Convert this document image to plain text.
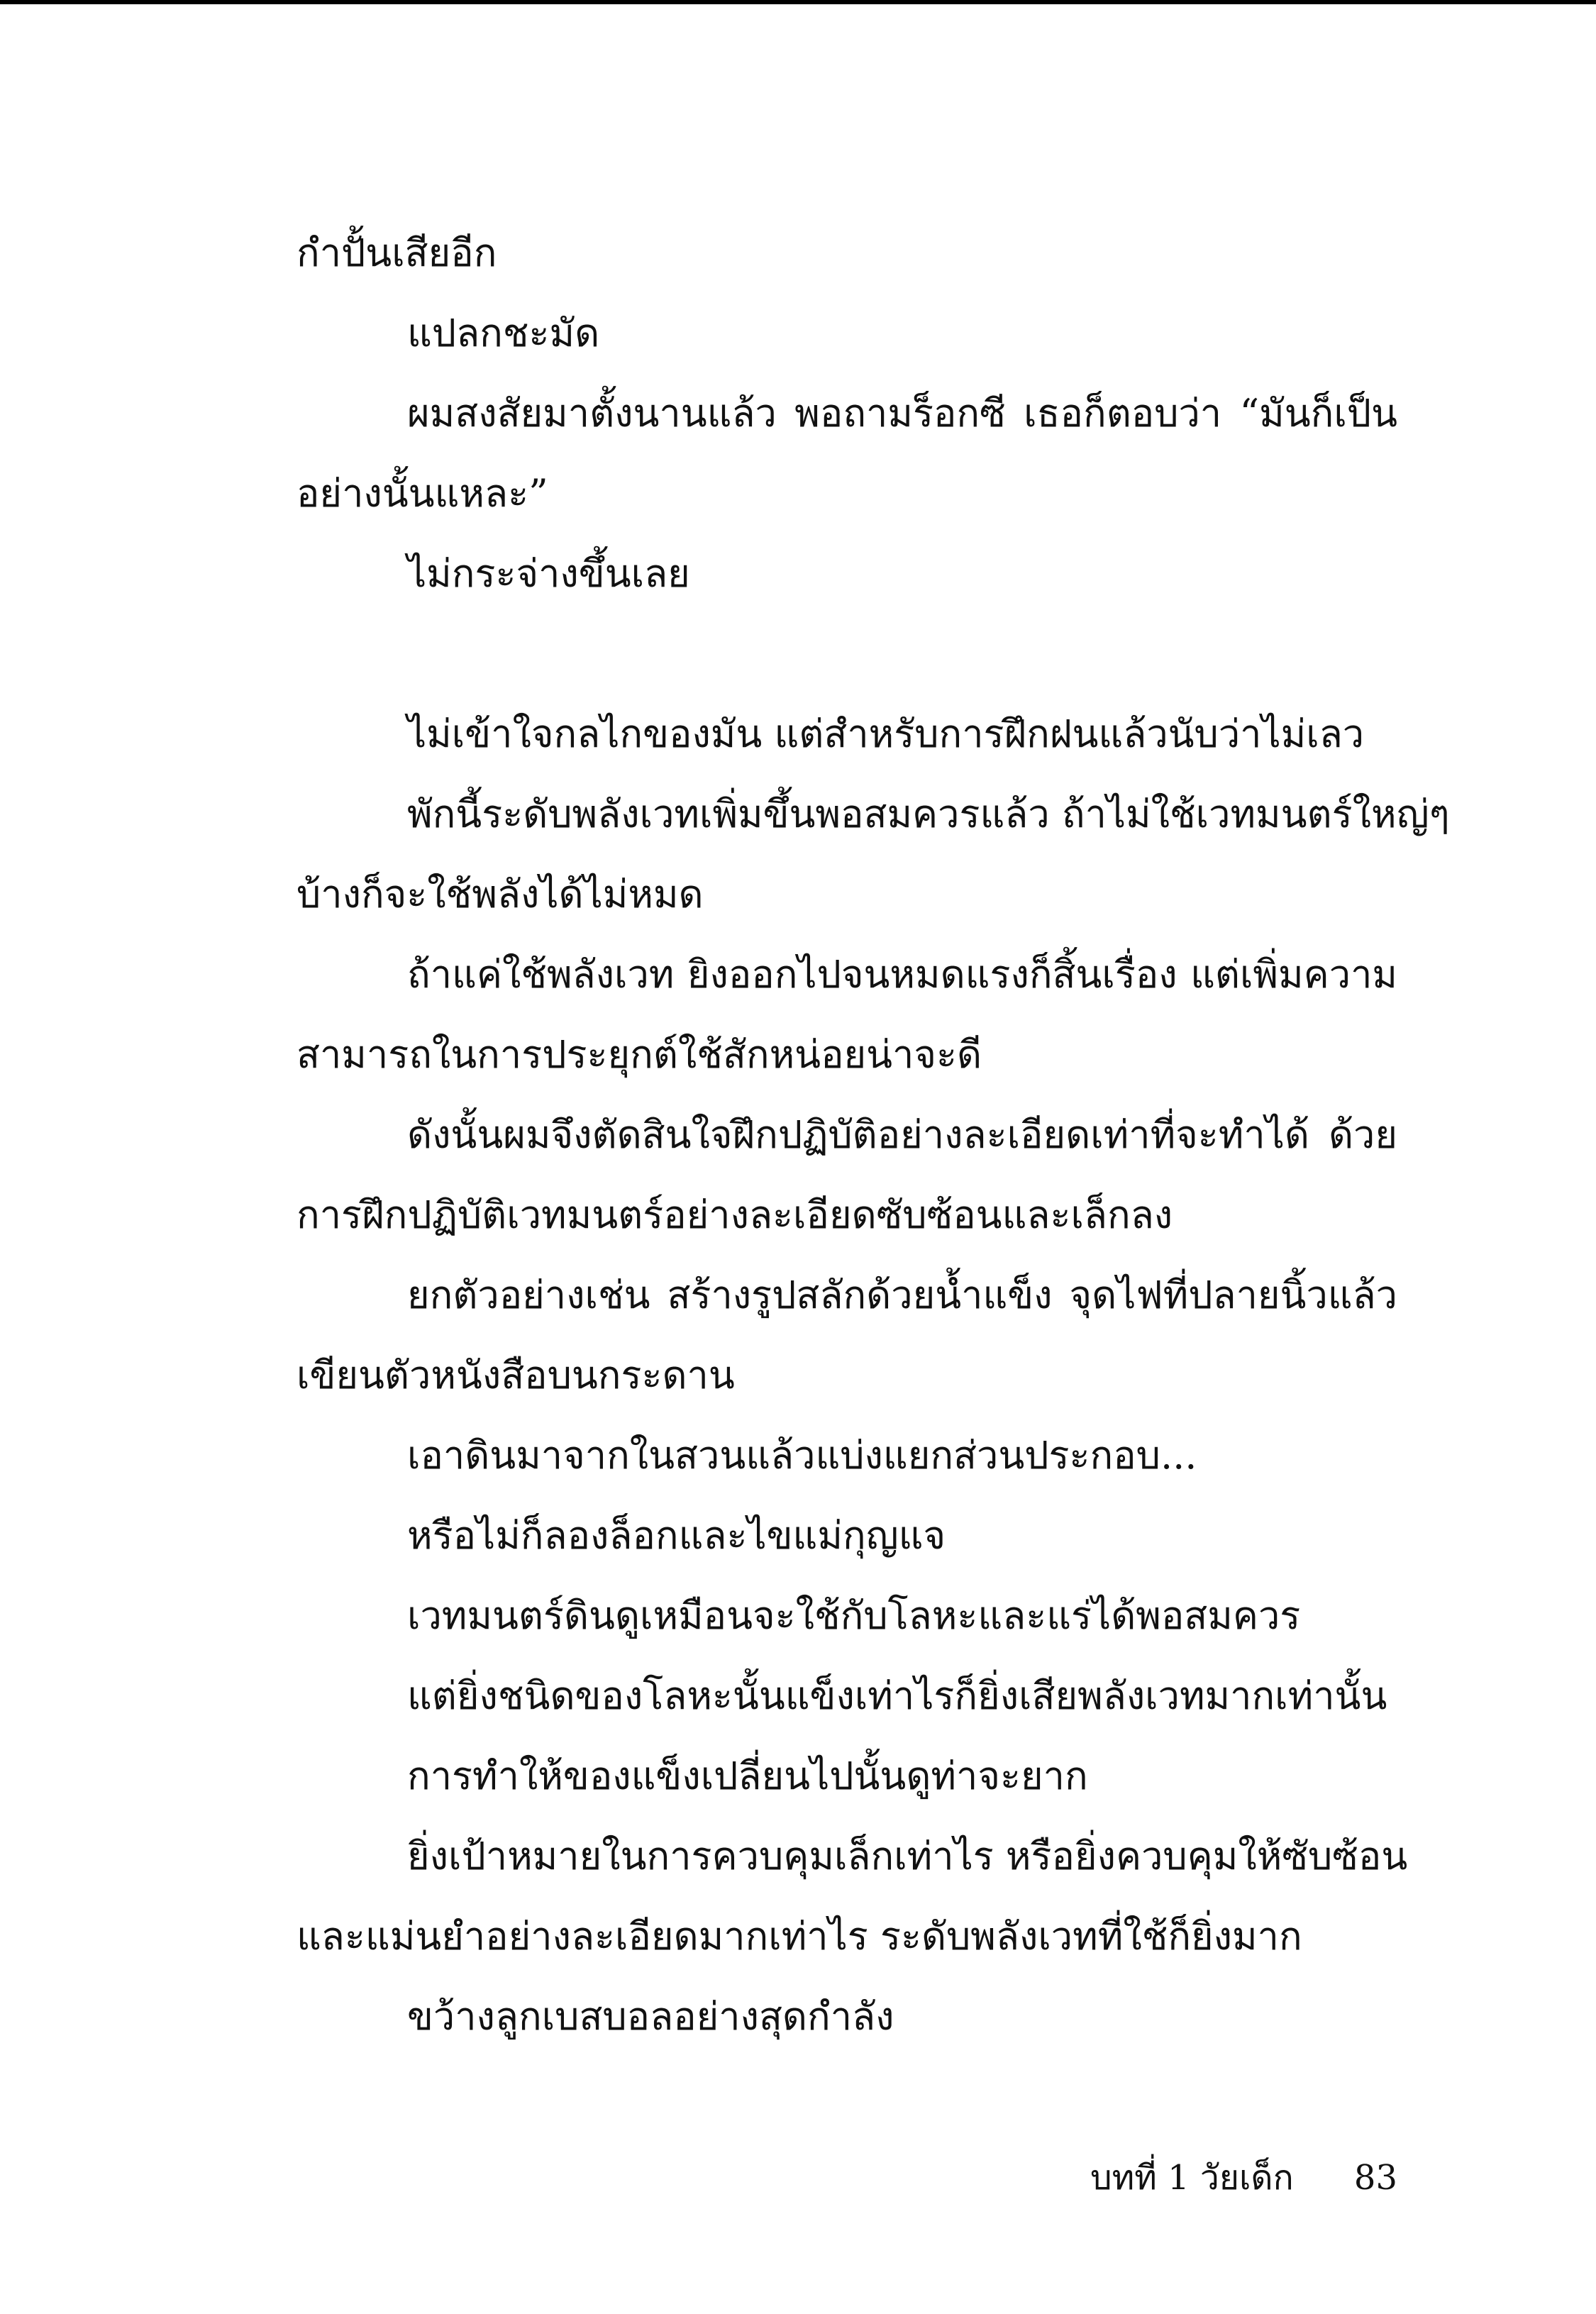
กำปั้นเสียอีก
แปลกชะมัด
ผมสงสัยมาตั้งนานแล้ว พอถามร็อกซี เธอก็ตอบว่า “มันก็เป็น
อย่างนั้นแหละ”
ไม่กระจ่างขึ้นเลย
ไม่เข้าใจกลไกของมัน แต่สำหรับการฝึกฝนแล้วนับว่าไม่เลว
พักนี้ระดับพลังเวทเพิ่มขึ้นพอสมควรแล้ว ถ้าไม่ใช้เวทมนตร์ใหญ่ๆ
บ้างก็จะใช้พลังได้ไม่หมด
ถ้าแค่ใช้พลังเวท ยิงออกไปจนหมดแรงก็สิ้นเรื่อง แต่เพิ่มความ
สามารถในการประยุกต์ใช้สักหน่อยน่าจะดี
ดังนั้นผมจึงตัดสินใจฝึกปฏิบัติอย่างละเอียดเท่าที่จะทำได้ ด้วย
การฝึกปฏิบัติเวทมนตร์อย่างละเอียดซับซ้อนและเล็กลง
ยกตัวอย่างเช่น สร้างรูปสลักด้วยน้ำแข็ง จุดไฟที่ปลายนิ้วแล้ว
เขียนตัวหนังสือบนกระดาน
เอาดินมาจากในสวนแล้วแบ่งแยกส่วนประกอบ...
หรือไม่ก็ลองล็อกและไขแม่กุญแจ
เวทมนตร์ดินดูเหมือนจะใช้กับโลหะและแร่ได้พอสมควร
แต่ยิ่งชนิดของโลหะนั้นแข็งเท่าไรก็ยิ่งเสียพลังเวทมากเท่านั้น
การทำให้ของแข็งเปลี่ยนไปนั้นดูท่าจะยาก
ยิ่งเป้าหมายในการควบคุมเล็กเท่าไร หรือยิ่งควบคุมให้ซับซ้อน
และแม่นยำอย่างละเอียดมากเท่าไร ระดับพลังเวทที่ใช้ก็ยิ่งมาก
ขว้างลูกเบสบอลอย่างสุดกำลัง
บทที่ 1 วัยเด็ก 83
